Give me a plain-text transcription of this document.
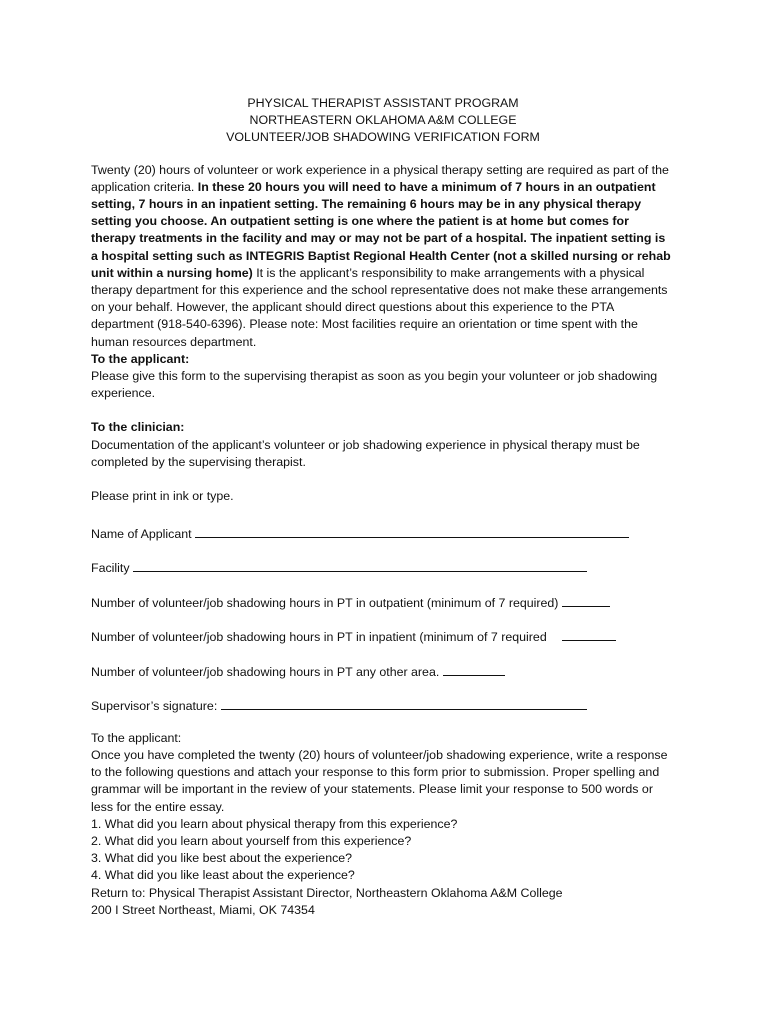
PHYSICAL THERAPIST ASSISTANT PROGRAM
NORTHEASTERN OKLAHOMA A&M COLLEGE
VOLUNTEER/JOB SHADOWING VERIFICATION FORM

Twenty (20) hours of volunteer or work experience in a physical therapy setting are required as part of the application criteria. In these 20 hours you will need to have a minimum of 7 hours in an outpatient setting, 7 hours in an inpatient setting. The remaining 6 hours may be in any physical therapy setting you choose. An outpatient setting is one where the patient is at home but comes for therapy treatments in the facility and may or may not be part of a hospital. The inpatient setting is a hospital setting such as INTEGRIS Baptist Regional Health Center (not a skilled nursing or rehab unit within a nursing home) It is the applicant’s responsibility to make arrangements with a physical therapy department for this experience and the school representative does not make these arrangements on your behalf. However, the applicant should direct questions about this experience to the PTA department (918-540-6396). Please note: Most facilities require an orientation or time spent with the human resources department.

To the applicant:

Please give this form to the supervising therapist as soon as you begin your volunteer or job shadowing experience.

To the clinician:

Documentation of the applicant’s volunteer or job shadowing experience in physical therapy must be completed by the supervising therapist.

Please print in ink or type.

Name of Applicant
Facility
Number of volunteer/job shadowing hours in PT in outpatient (minimum of 7 required)
Number of volunteer/job shadowing hours in PT in inpatient (minimum of 7 required
Number of volunteer/job shadowing hours in PT any other area.
Supervisor’s signature:

To the applicant:

Once you have completed the twenty (20) hours of volunteer/job shadowing experience, write a response to the following questions and attach your response to this form prior to submission. Proper spelling and grammar will be important in the review of your statements. Please limit your response to 500 words or less for the entire essay.

1. What did you learn about physical therapy from this experience?
2. What did you learn about yourself from this experience?
3. What did you like best about the experience?
4. What did you like least about the experience?

Return to: Physical Therapist Assistant Director, Northeastern Oklahoma A&M College

200 I Street Northeast, Miami, OK 74354
